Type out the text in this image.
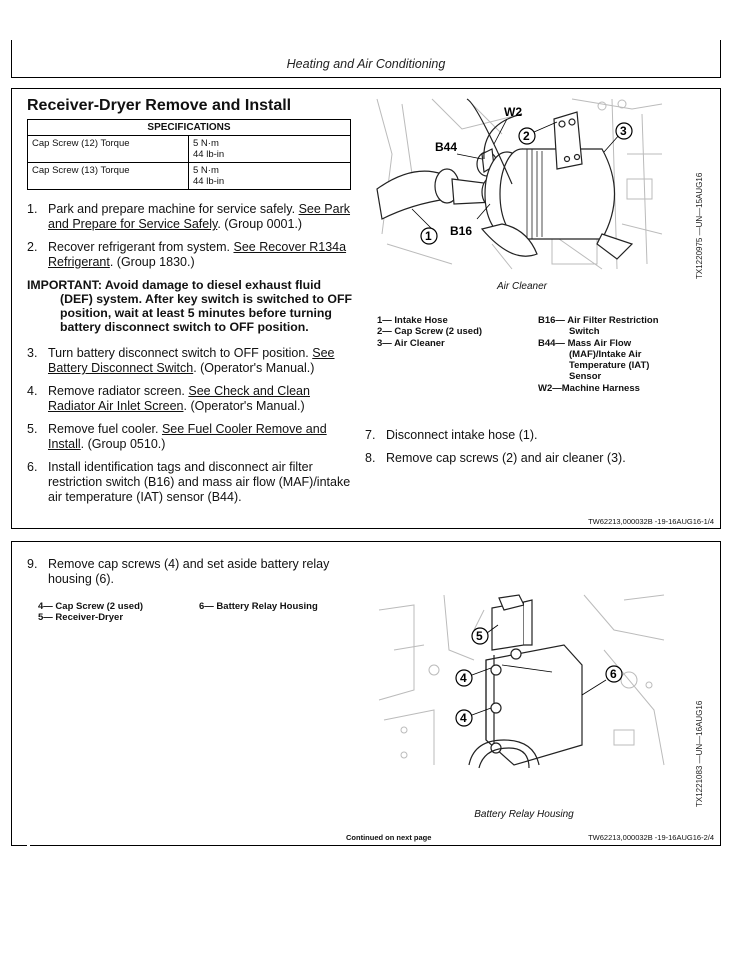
Heating and Air Conditioning
Receiver-Dryer Remove and Install
SPECIFICATIONS	
Cap Screw (12) Torque	5 N·m
44 lb-in

Cap Screw (13) Torque	5 N·m
44 lb-in
1. Park and prepare machine for service safely. See Park and Prepare for Service Safely. (Group 0001.)
2. Recover refrigerant from system. See Recover R134a Refrigerant. (Group 1830.)
IMPORTANT: Avoid damage to diesel exhaust fluid (DEF) system. After key switch is switched to OFF position, wait at least 5 minutes before turning battery disconnect switch to OFF position.
3. Turn battery disconnect switch to OFF position. See Battery Disconnect Switch. (Operator's Manual.)
4. Remove radiator screen. See Check and Clean Radiator Air Inlet Screen. (Operator's Manual.)
5. Remove fuel cooler. See Fuel Cooler Remove and Install. (Group 0510.)
6. Install identification tags and disconnect air filter restriction switch (B16) and mass air flow (MAF)/intake air temperature (IAT) sensor (B44).
W2
2	3
B44
1 B16
Air Cleaner
TX1220975 —UN—15AUG16
1— Intake Hose
2— Cap Screw (2 used)
3— Air Cleaner
B16— Air Filter Restriction Switch
B44— Mass Air Flow (MAF)/Intake Air Temperature (IAT) Sensor
W2—Machine Harness
7. Disconnect intake hose (1).
8. Remove cap screws (2) and air cleaner (3).
TW62213,000032B -19-16AUG16-1/4
9. Remove cap screws (4) and set aside battery relay housing (6).
4— Cap Screw (2 used)
5— Receiver-Dryer
6— Battery Relay Housing
5
4
4
6
Battery Relay Housing
TX1221083 —UN—16AUG16
Continued on next page	TW62213,000032B -19-16AUG16-2/4
